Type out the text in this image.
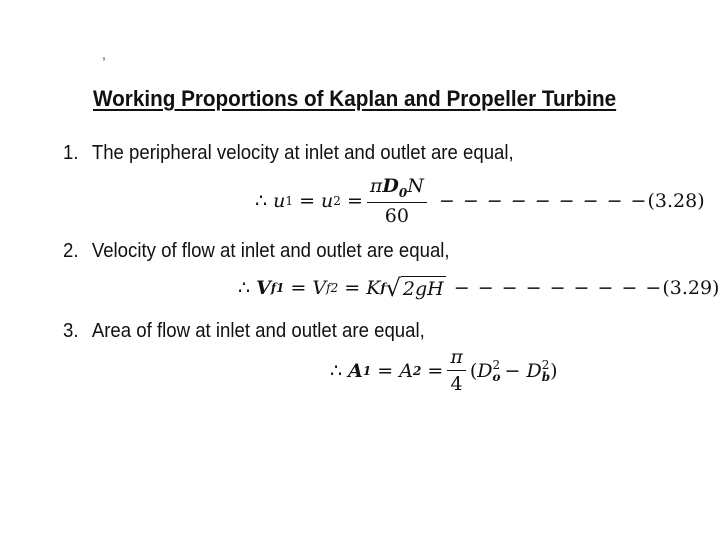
,
Working Proportions of Kaplan and Propeller Turbine
1. The peripheral velocity at inlet and outlet are equal,
∴
u 1
=
u $2 = \frac{\pi D_0N}{60}$ − − − − − − − − − (3.28)
2. Velocity of flow at inlet and outlet are equal,
∴
V f1
=
V f2 = K f √ 2gH − − − − − − − − − (3.29)
3. Area of flow at inlet and outlet are equal,
∴
A 1
=
A $2 = \frac{\pi}{4}$ ( D 2
o −
D 2
b )
